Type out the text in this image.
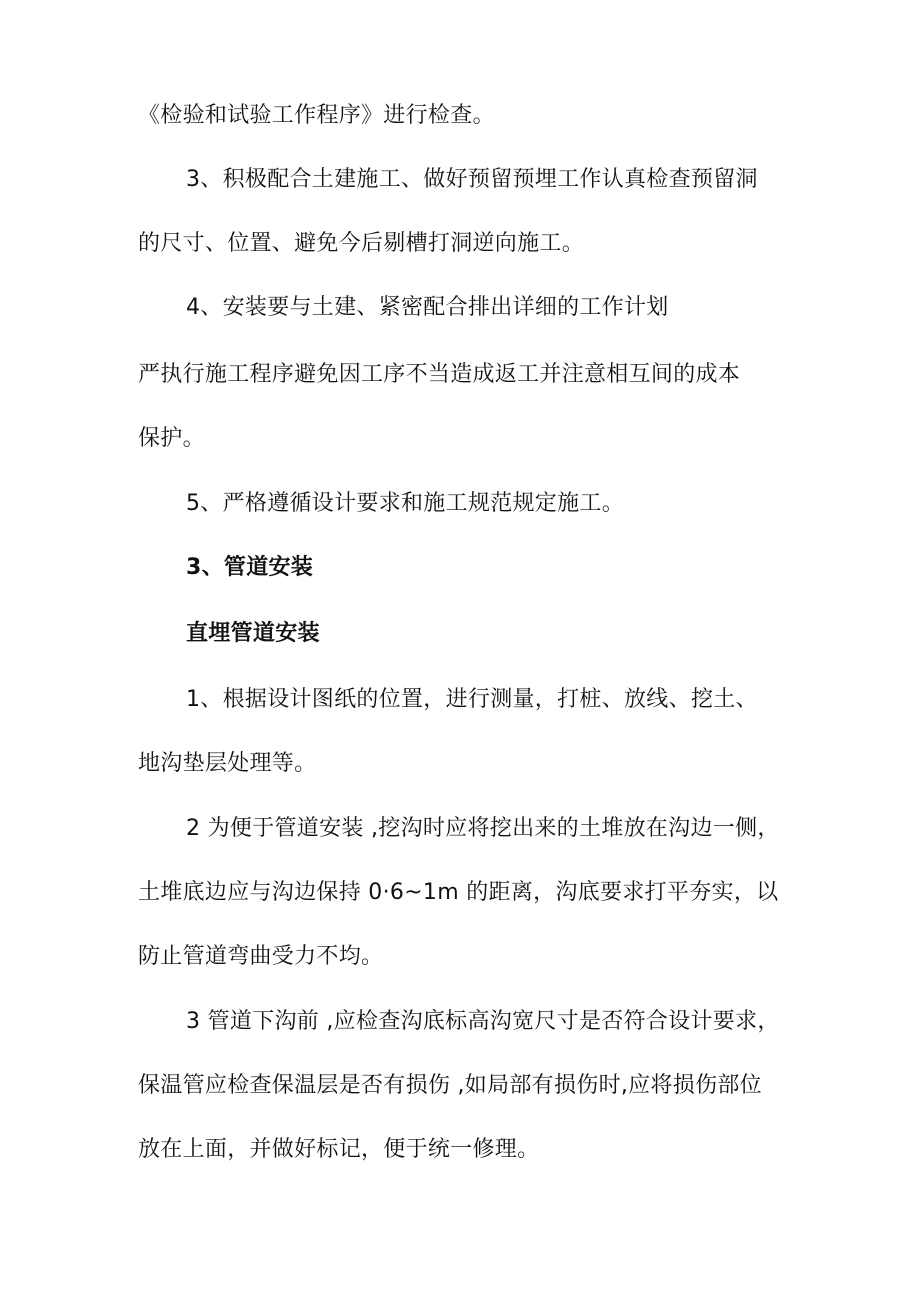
《检验和试验工作程序》进行检查。
3、积极配合土建施工、做好预留预埋工作认真检查预留洞
的尺寸、位置、避免今后剔槽打洞逆向施工。
4、安装要与土建、紧密配合排出详细的工作计划
严执行施工程序避免因工序不当造成返工并注意相互间的成本
保护。
5、严格遵循设计要求和施工规范规定施工。
3、管道安装
直埋管道安装
1、根据设计图纸的位置，进行测量，打桩、放线、挖土、
地沟垫层处理等。
2 为便于管道安装 ,挖沟时应将挖出来的土堆放在沟边一侧，
土堆底边应与沟边保持 0·6~1m 的距离，沟底要求打平夯实，以
防止管道弯曲受力不均。
3 管道下沟前 ,应检查沟底标高沟宽尺寸是否符合设计要求，
保温管应检查保温层是否有损伤 ,如局部有损伤时,应将损伤部位
放在上面，并做好标记，便于统一修理。
